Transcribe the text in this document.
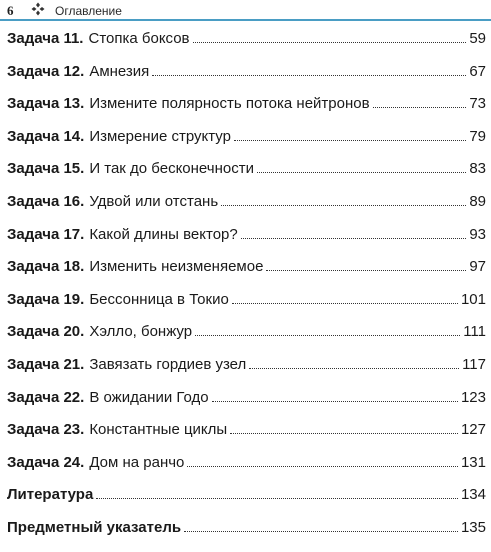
6	Оглавление
Задача 11. Стопка боксов	59
Задача 12. Амнезия	67
Задача 13. Измените полярность потока нейтронов	73
Задача 14. Измерение структур	79
Задача 15. И так до бесконечности	83
Задача 16. Удвой или отстань	89
Задача 17. Какой длины вектор?	93
Задача 18. Изменить неизменяемое	97
Задача 19. Бессонница в Токио	101
Задача 20. Хэлло, бонжур	111
Задача 21. Завязать гордиев узел	117
Задача 22. В ожидании Годо	123
Задача 23. Константные циклы	127
Задача 24. Дом на ранчо	131
Литература	134
Предметный указатель	135
